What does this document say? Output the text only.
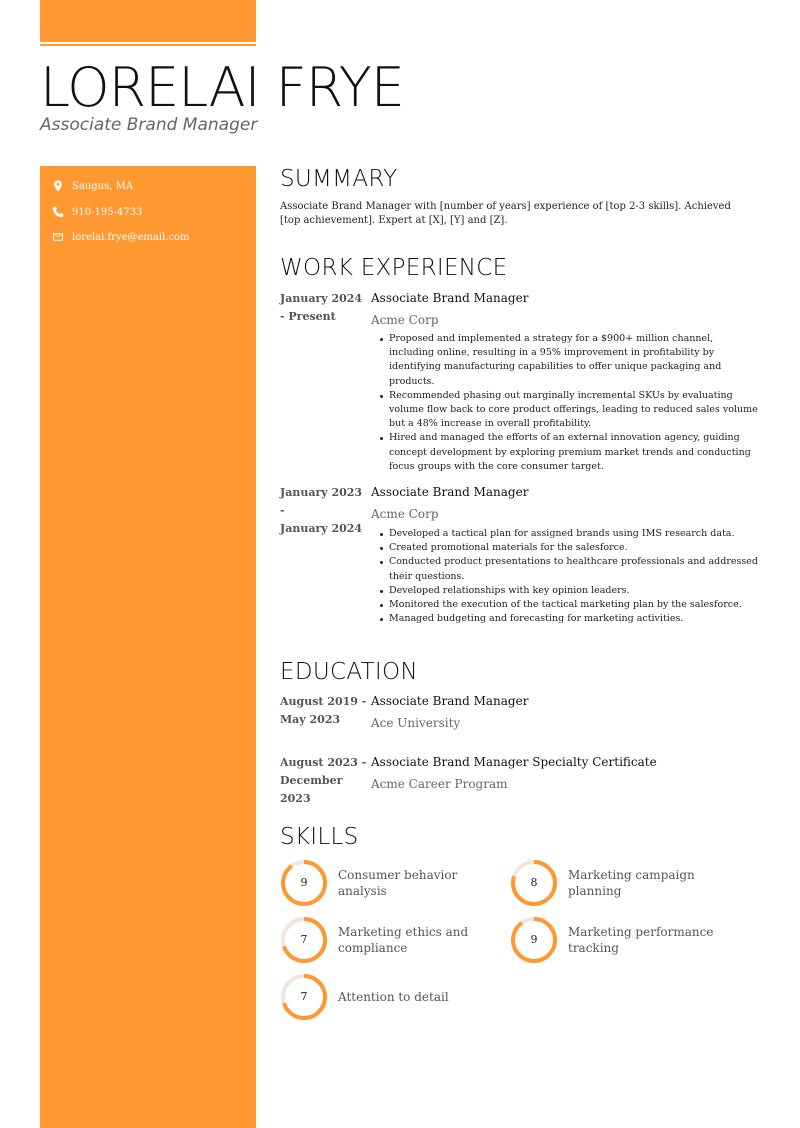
LORELAI FRYE
Associate Brand Manager
Saugus, MA
910-195-4733
lorelai.frye@email.com
SUMMARY
Associate Brand Manager with [number of years] experience of [top 2-3 skills]. Achieved [top achievement]. Expert at [X], [Y] and [Z].
WORK EXPERIENCE
January 2024
- Present
Associate Brand Manager
Acme Corp
Proposed and implemented a strategy for a $900+ million channel, including online, resulting in a 95% improvement in profitability by identifying manufacturing capabilities to offer unique packaging and products.
Recommended phasing out marginally incremental SKUs by evaluating volume flow back to core product offerings, leading to reduced sales volume but a 48% increase in overall profitability.
Hired and managed the efforts of an external innovation agency, guiding concept development by exploring premium market trends and conducting focus groups with the core consumer target.
January 2023
-
January 2024
Associate Brand Manager
Acme Corp
Developed a tactical plan for assigned brands using IMS research data.
Created promotional materials for the salesforce.
Conducted product presentations to healthcare professionals and addressed their questions.
Developed relationships with key opinion leaders.
Monitored the execution of the tactical marketing plan by the salesforce.
Managed budgeting and forecasting for marketing activities.
EDUCATION
August 2019 -
May 2023
Associate Brand Manager
Ace University
August 2023 -
December 2023
Associate Brand Manager Specialty Certificate
Acme Career Program
SKILLS
9
Consumer behavior analysis
8
Marketing campaign planning
7
Marketing ethics and compliance
9
Marketing performance tracking
7	Attention to detail
